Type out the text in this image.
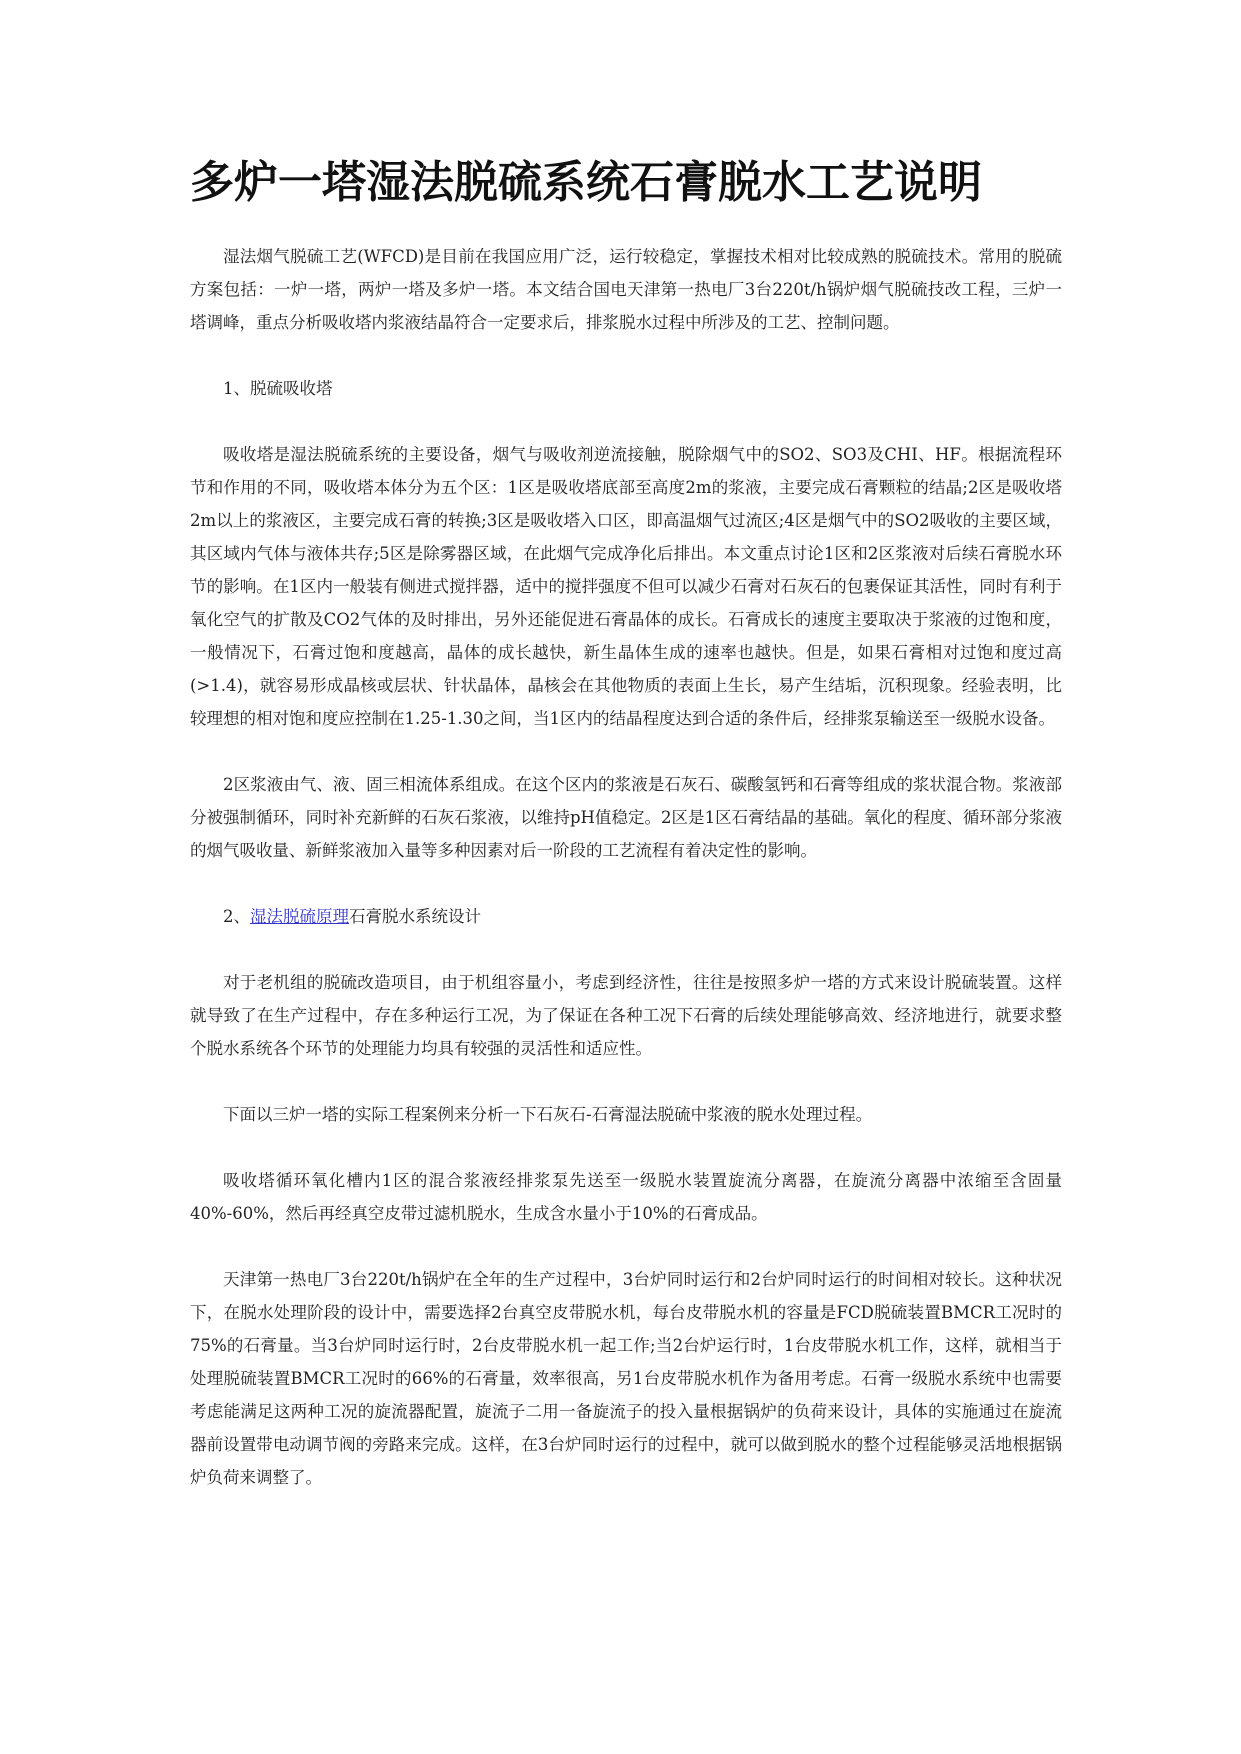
多炉一塔湿法脱硫系统石膏脱水工艺说明

湿法烟气脱硫工艺(WFCD)是目前在我国应用广泛，运行较稳定，掌握技术相对比较成熟的脱硫技术。常用的脱硫方案包括：一炉一塔，两炉一塔及多炉一塔。本文结合国电天津第一热电厂3台220t/h锅炉烟气脱硫技改工程，三炉一塔调峰，重点分析吸收塔内浆液结晶符合一定要求后，排浆脱水过程中所涉及的工艺、控制问题。

1、脱硫吸收塔

吸收塔是湿法脱硫系统的主要设备，烟气与吸收剂逆流接触，脱除烟气中的SO2、SO3及CHI、HF。根据流程环节和作用的不同，吸收塔本体分为五个区：1区是吸收塔底部至高度2m的浆液，主要完成石膏颗粒的结晶;2区是吸收塔2m以上的浆液区，主要完成石膏的转换;3区是吸收塔入口区，即高温烟气过流区;4区是烟气中的SO2吸收的主要区域，其区域内气体与液体共存;5区是除雾器区域，在此烟气完成净化后排出。本文重点讨论1区和2区浆液对后续石膏脱水环节的影响。在1区内一般装有侧进式搅拌器，适中的搅拌强度不但可以减少石膏对石灰石的包裹保证其活性，同时有利于氧化空气的扩散及CO2气体的及时排出，另外还能促进石膏晶体的成长。石膏成长的速度主要取决于浆液的过饱和度，一般情况下，石膏过饱和度越高，晶体的成长越快，新生晶体生成的速率也越快。但是，如果石膏相对过饱和度过高(>1.4)，就容易形成晶核或层状、针状晶体，晶核会在其他物质的表面上生长，易产生结垢，沉积现象。经验表明，比较理想的相对饱和度应控制在1.25-1.30之间，当1区内的结晶程度达到合适的条件后，经排浆泵输送至一级脱水设备。

2区浆液由气、液、固三相流体系组成。在这个区内的浆液是石灰石、碳酸氢钙和石膏等组成的浆状混合物。浆液部分被强制循环，同时补充新鲜的石灰石浆液，以维持pH值稳定。2区是1区石膏结晶的基础。氧化的程度、循环部分浆液的烟气吸收量、新鲜浆液加入量等多种因素对后一阶段的工艺流程有着决定性的影响。

2、湿法脱硫原理石膏脱水系统设计

对于老机组的脱硫改造项目，由于机组容量小，考虑到经济性，往往是按照多炉一塔的方式来设计脱硫装置。这样就导致了在生产过程中，存在多种运行工况，为了保证在各种工况下石膏的后续处理能够高效、经济地进行，就要求整个脱水系统各个环节的处理能力均具有较强的灵活性和适应性。

下面以三炉一塔的实际工程案例来分析一下石灰石-石膏湿法脱硫中浆液的脱水处理过程。

吸收塔循环氧化槽内1区的混合浆液经排浆泵先送至一级脱水装置旋流分离器，在旋流分离器中浓缩至含固量40%-60%，然后再经真空皮带过滤机脱水，生成含水量小于10%的石膏成品。

天津第一热电厂3台220t/h锅炉在全年的生产过程中，3台炉同时运行和2台炉同时运行的时间相对较长。这种状况下，在脱水处理阶段的设计中，需要选择2台真空皮带脱水机，每台皮带脱水机的容量是FCD脱硫装置BMCR工况时的75%的石膏量。当3台炉同时运行时，2台皮带脱水机一起工作;当2台炉运行时，1台皮带脱水机工作，这样，就相当于处理脱硫装置BMCR工况时的66%的石膏量，效率很高，另1台皮带脱水机作为备用考虑。石膏一级脱水系统中也需要考虑能满足这两种工况的旋流器配置，旋流子二用一备旋流子的投入量根据锅炉的负荷来设计，具体的实施通过在旋流器前设置带电动调节阀的旁路来完成。这样，在3台炉同时运行的过程中，就可以做到脱水的整个过程能够灵活地根据锅炉负荷来调整了。
